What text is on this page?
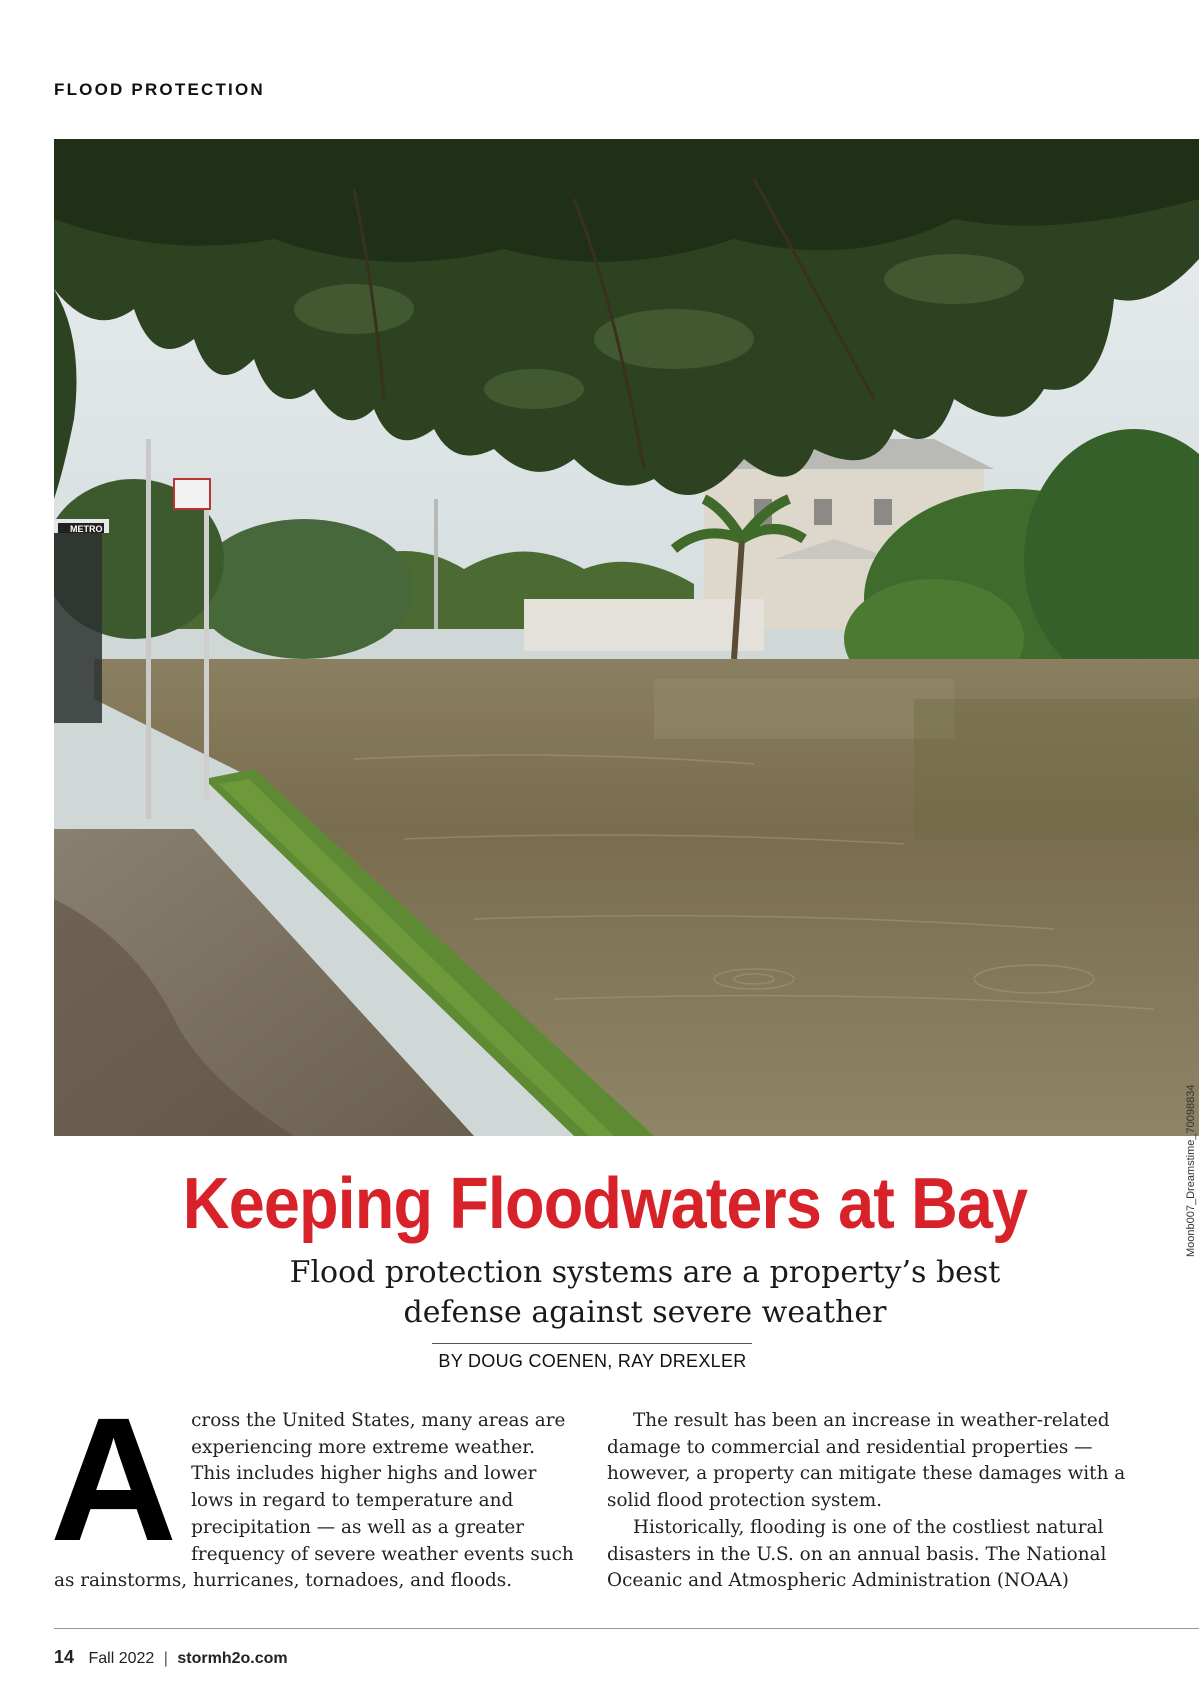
FLOOD PROTECTION
METRO
Moonb007_Dreamstime_70098834
Keeping Floodwaters at Bay
Flood protection systems are a property’s best
defense against severe weather
BY DOUG COENEN, RAY DREXLER
A cross the United States, many areas are experiencing more extreme weather. This includes higher highs and lower lows in regard to temperature and precipitation — as well as a greater frequency of severe weather events such as rainstorms, hurricanes, tornadoes, and floods.

The result has been an increase in weather-related damage to commercial and residential properties — however, a property can mitigate these damages with a solid flood protection system.

Historically, flooding is one of the costliest natural disasters in the U.S. on an annual basis. The National Oceanic and Atmospheric Administration (NOAA)

14 Fall 2022 | stormh2o.com
